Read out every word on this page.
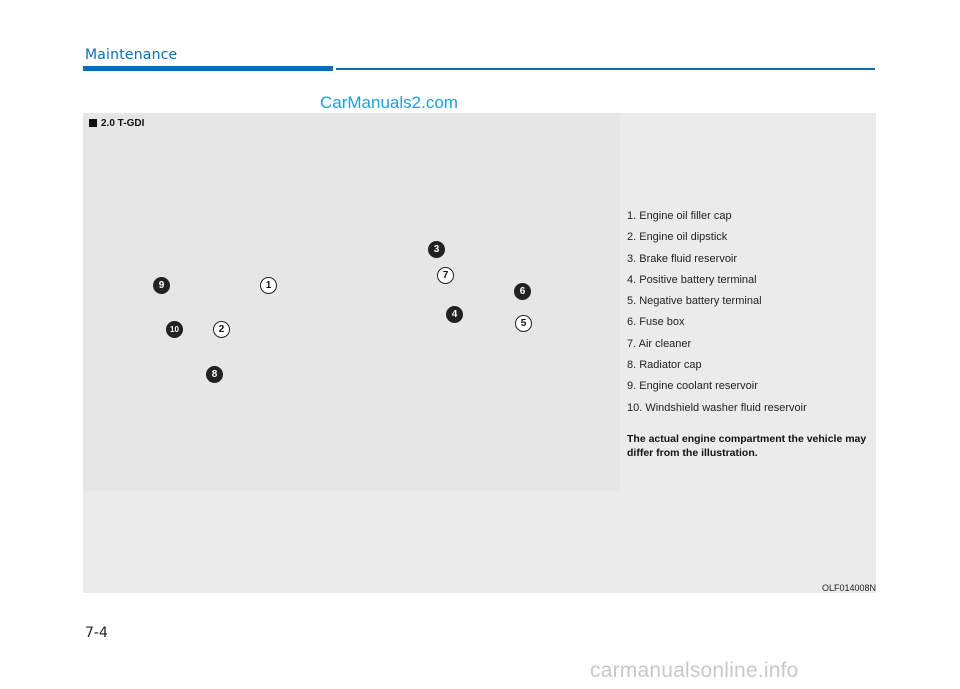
Maintenance
CarManuals2.com
2.0 T-GDI
9	1
10	2
8
3
7
6
4
5
1. Engine oil filler cap
2. Engine oil dipstick
3. Brake fluid reservoir
4. Positive battery terminal
5. Negative battery terminal
6. Fuse box
7. Air cleaner
8. Radiator cap
9. Engine coolant reservoir
10. Windshield washer fluid reservoir
The actual engine compartment the vehicle may differ from the illustration.
OLF014008N
7-4
carmanualsonline.info
